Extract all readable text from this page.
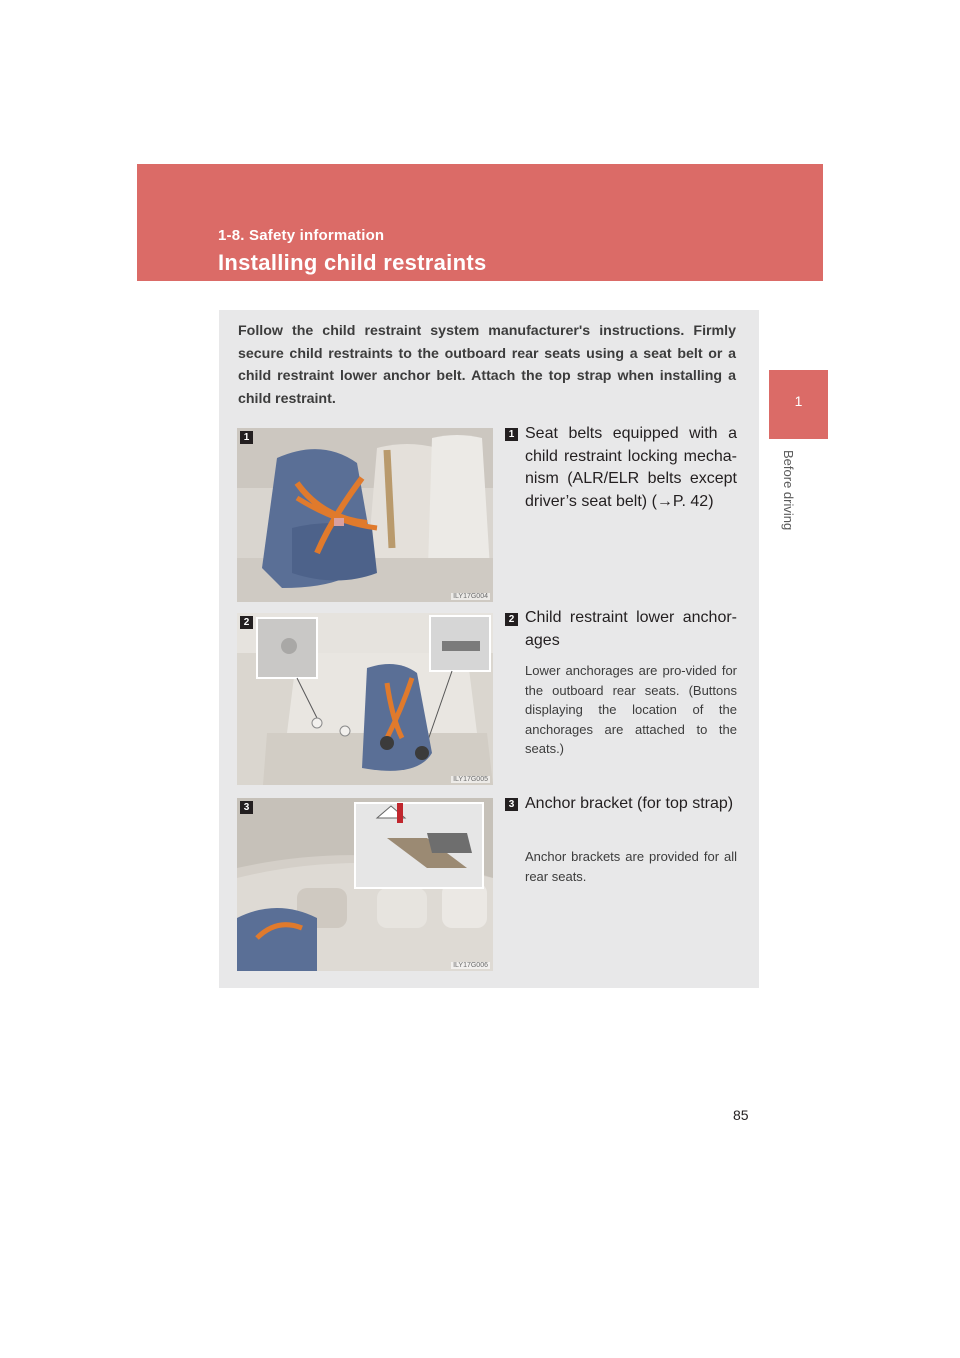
1-8. Safety information
Installing child restraints
1
Before driving

Follow the child restraint system manufacturer's instructions. Firmly secure child restraints to the outboard rear seats using a seat belt or a child restraint lower anchor belt. Attach the top strap when installing a child restraint.

1
ILY17G004
2
ILY17G005
3
ILY17G006
1 Seat belts equipped with a child restraint locking mecha-nism (ALR/ELR belts except driver’s seat belt) (→P. 42)

2 Child restraint lower anchor-ages

Lower anchorages are pro-vided for the outboard rear seats. (Buttons displaying the location of the anchorages are attached to the seats.)

3 Anchor bracket (for top strap)

Anchor brackets are provided for all rear seats.

85
